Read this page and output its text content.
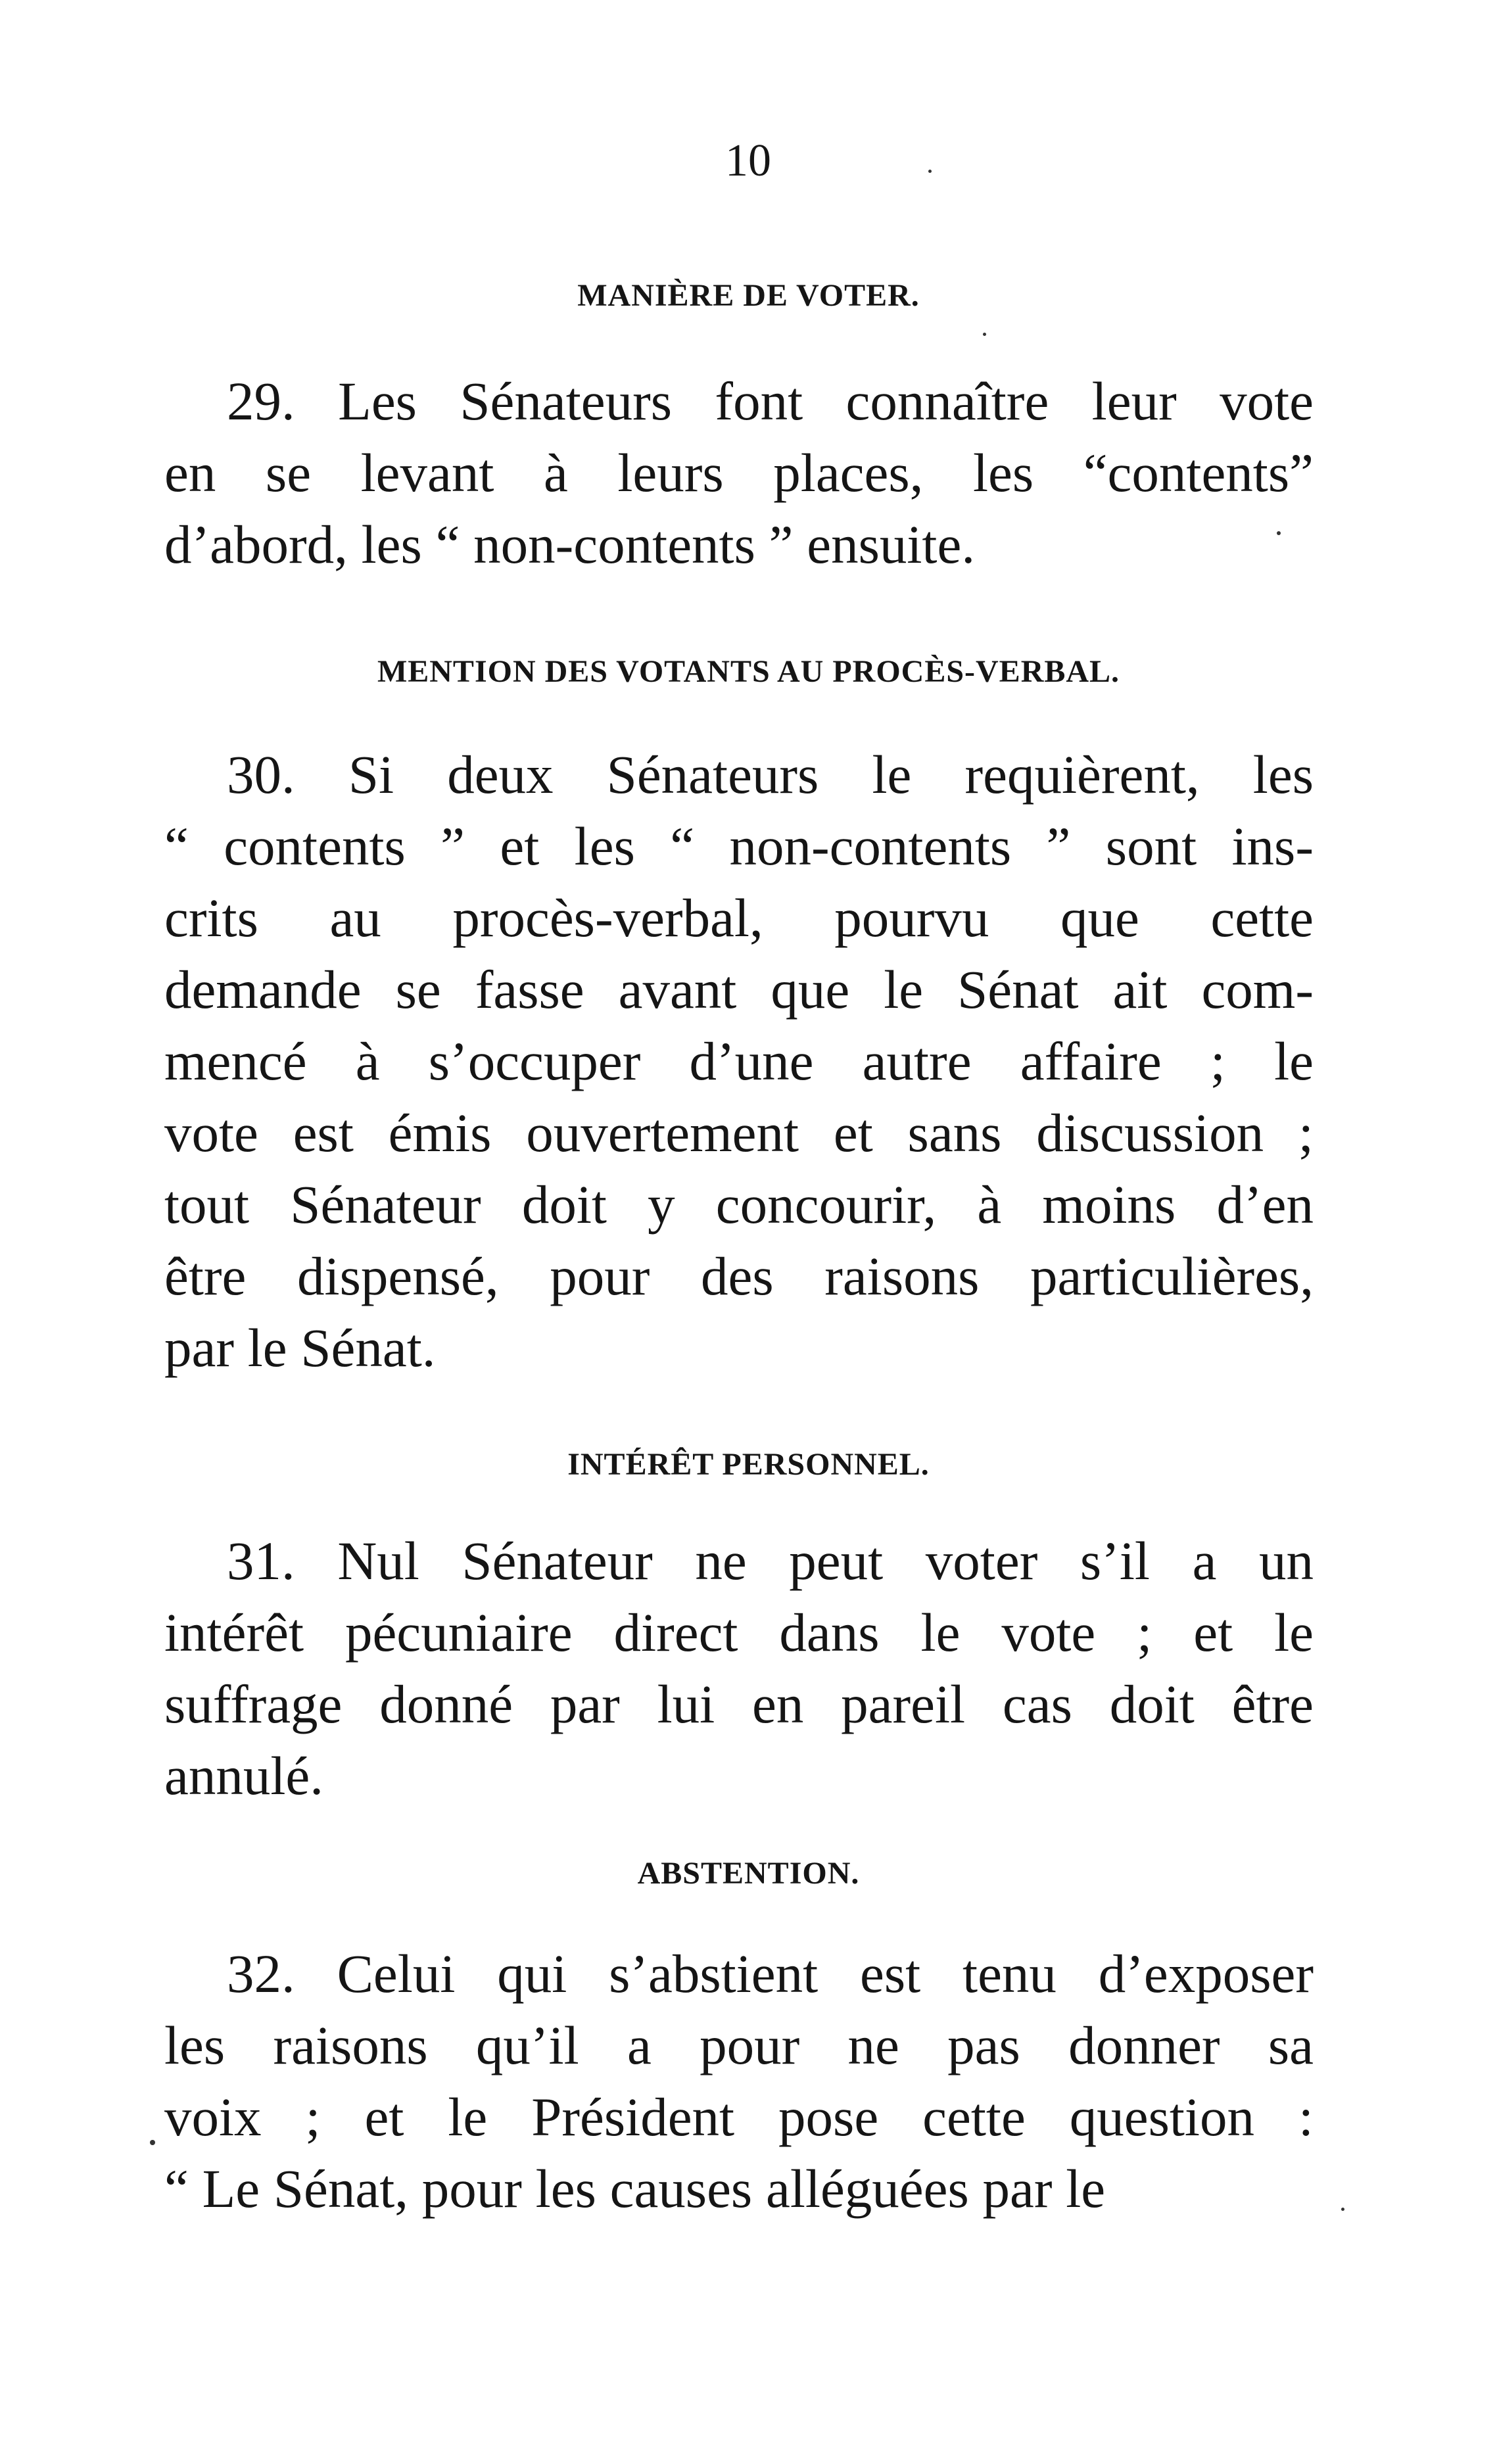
10
MANIÈRE DE VOTER.
29. Les Sénateurs font connaître leur vote
en se levant à leurs places, les “contents”
d’abord, les “ non-contents ” ensuite.
MENTION DES VOTANTS AU PROCÈS-VERBAL.
30. Si deux Sénateurs le requièrent, les
“ contents ” et les “ non-contents ” sont ins-
crits au procès-verbal, pourvu que cette
demande se fasse avant que le Sénat ait com-
mencé à s’occuper d’une autre affaire ; le
vote est émis ouvertement et sans discussion ;
tout Sénateur doit y concourir, à moins d’en
être dispensé, pour des raisons particulières,
par le Sénat.
INTÉRÊT PERSONNEL.
31. Nul Sénateur ne peut voter s’il a un
intérêt pécuniaire direct dans le vote ; et le
suffrage donné par lui en pareil cas doit être
annulé.
ABSTENTION.
32. Celui qui s’abstient est tenu d’exposer
les raisons qu’il a pour ne pas donner sa
voix ; et le Président pose cette question :
“ Le Sénat, pour les causes alléguées par le
